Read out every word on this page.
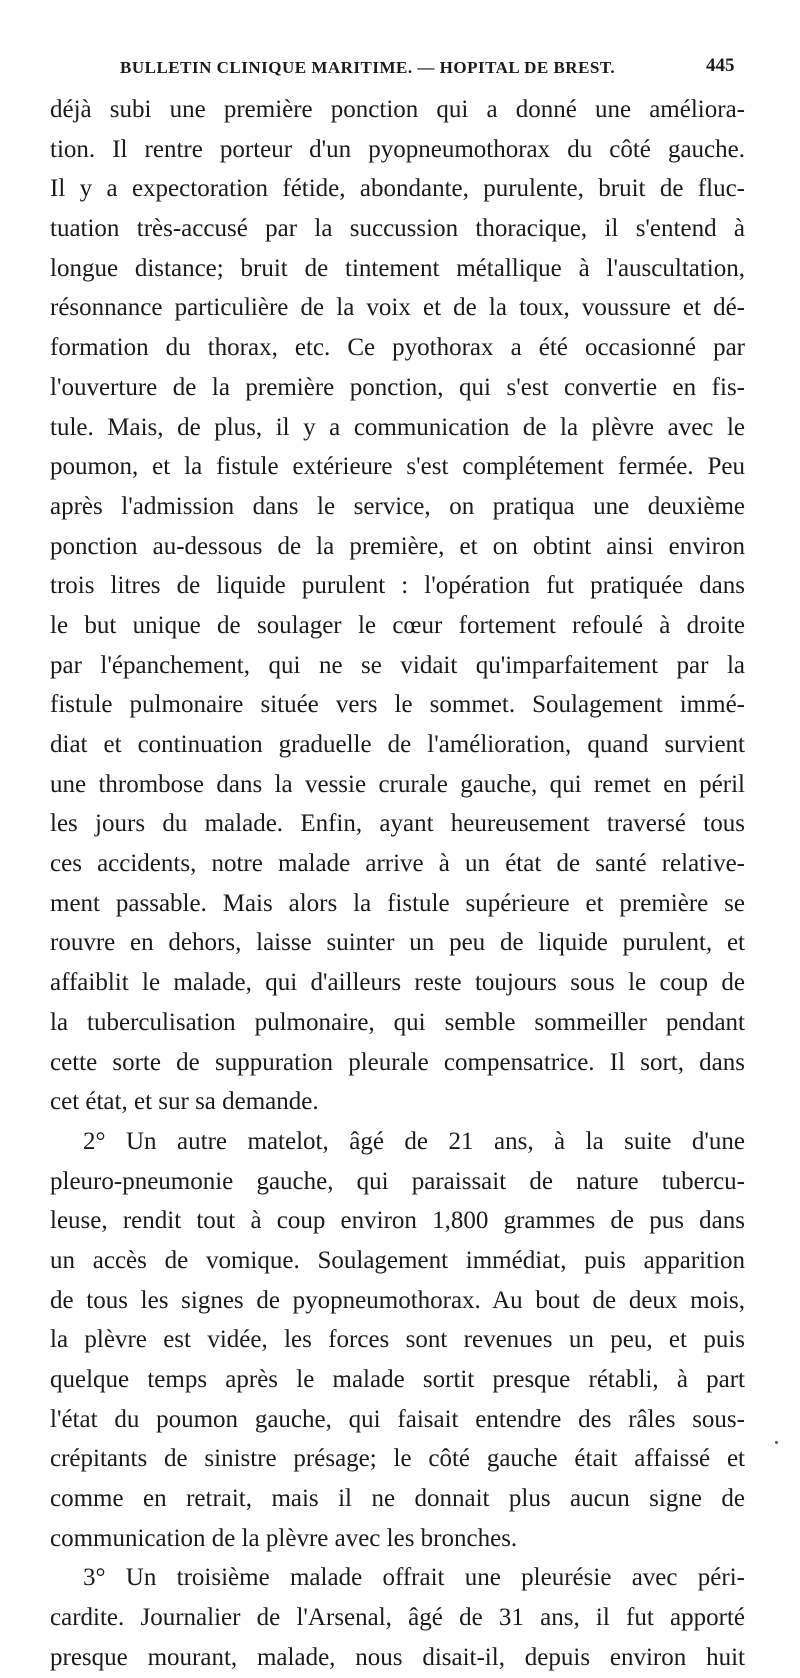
BULLETIN CLINIQUE MARITIME. — HOPITAL DE BREST.	445
déjà subi une première ponction qui a donné une améliora-
tion. Il rentre porteur d'un pyopneumothorax du côté gauche.
Il y a expectoration fétide, abondante, purulente, bruit de fluc-
tuation très-accusé par la succussion thoracique, il s'entend à
longue distance; bruit de tintement métallique à l'auscultation,
résonnance particulière de la voix et de la toux, voussure et dé-
formation du thorax, etc. Ce pyothorax a été occasionné par
l'ouverture de la première ponction, qui s'est convertie en fis-
tule. Mais, de plus, il y a communication de la plèvre avec le
poumon, et la fistule extérieure s'est complétement fermée. Peu
après l'admission dans le service, on pratiqua une deuxième
ponction au-dessous de la première, et on obtint ainsi environ
trois litres de liquide purulent : l'opération fut pratiquée dans
le but unique de soulager le cœur fortement refoulé à droite
par l'épanchement, qui ne se vidait qu'imparfaitement par la
fistule pulmonaire située vers le sommet. Soulagement immé-
diat et continuation graduelle de l'amélioration, quand survient
une thrombose dans la vessie crurale gauche, qui remet en péril
les jours du malade. Enfin, ayant heureusement traversé tous
ces accidents, notre malade arrive à un état de santé relative-
ment passable. Mais alors la fistule supérieure et première se
rouvre en dehors, laisse suinter un peu de liquide purulent, et
affaiblit le malade, qui d'ailleurs reste toujours sous le coup de
la tuberculisation pulmonaire, qui semble sommeiller pendant
cette sorte de suppuration pleurale compensatrice. Il sort, dans
cet état, et sur sa demande.
2° Un autre matelot, âgé de 21 ans, à la suite d'une
pleuro-pneumonie gauche, qui paraissait de nature tubercu-
leuse, rendit tout à coup environ 1,800 grammes de pus dans
un accès de vomique. Soulagement immédiat, puis apparition
de tous les signes de pyopneumothorax. Au bout de deux mois,
la plèvre est vidée, les forces sont revenues un peu, et puis
quelque temps après le malade sortit presque rétabli, à part
l'état du poumon gauche, qui faisait entendre des râles sous-
crépitants de sinistre présage; le côté gauche était affaissé et
comme en retrait, mais il ne donnait plus aucun signe de
communication de la plèvre avec les bronches.
3° Un troisième malade offrait une pleurésie avec péri-
cardite. Journalier de l'Arsenal, âgé de 31 ans, il fut apporté
presque mourant, malade, nous disait-il, depuis environ huit
